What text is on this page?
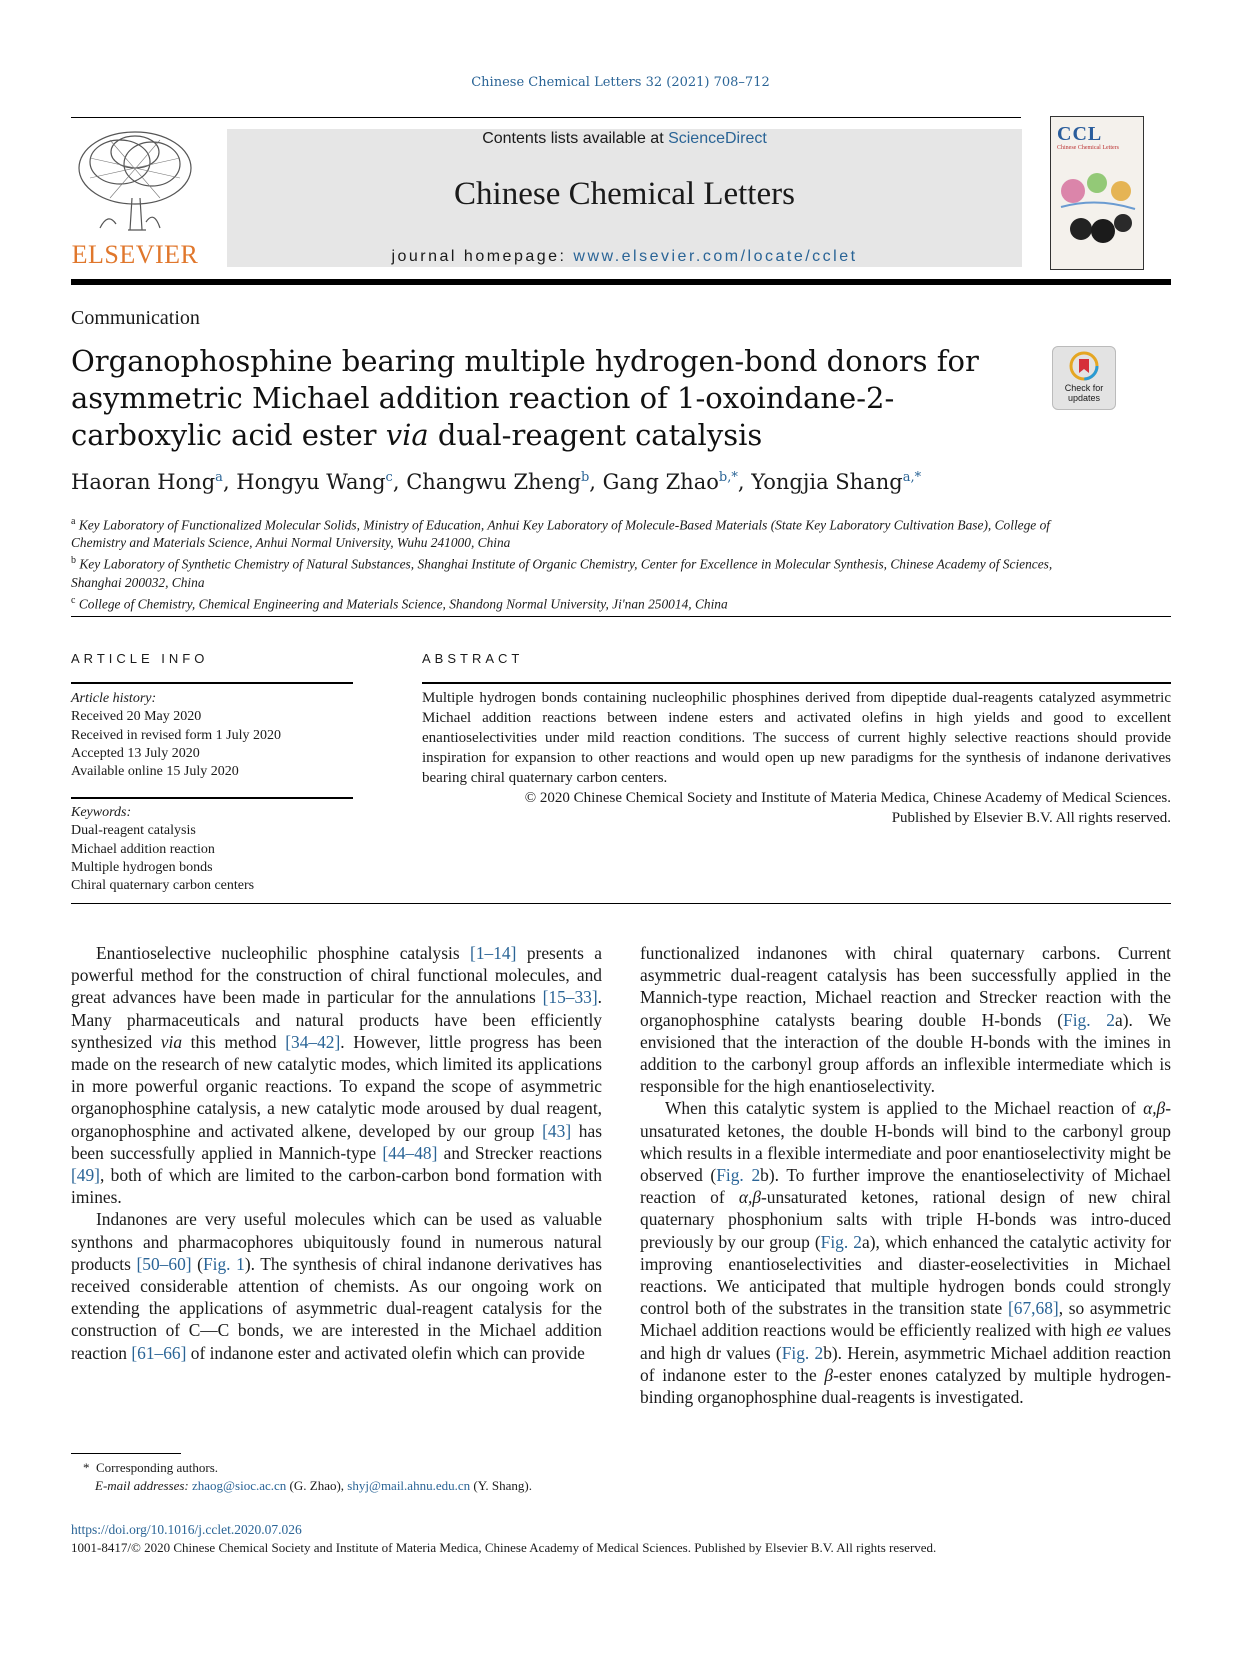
Chinese Chemical Letters 32 (2021) 708–712
ELSEVIER
Contents lists available at ScienceDirect
Chinese Chemical Letters
journal homepage: www.elsevier.com/locate/cclet
CCL
Chinese Chemical Letters
Communication
Organophosphine bearing multiple hydrogen-bond donors for asymmetric Michael addition reaction of 1-oxoindane-2-carboxylic acid ester via dual-reagent catalysis
Check for updates
Haoran Hong$^a$, Hongyu Wang$^c$, Changwu Zheng$^b$, Gang Zhao$^{b,*}$, Yongjia Shang$^{a,*}$
$^a$ Key Laboratory of Functionalized Molecular Solids, Ministry of Education, Anhui Key Laboratory of Molecule-Based Materials (State Key Laboratory Cultivation Base), College of Chemistry and Materials Science, Anhui Normal University, Wuhu 241000, China
$^b$ Key Laboratory of Synthetic Chemistry of Natural Substances, Shanghai Institute of Organic Chemistry, Center for Excellence in Molecular Synthesis, Chinese Academy of Sciences, Shanghai 200032, China
$^c$ College of Chemistry, Chemical Engineering and Materials Science, Shandong Normal University, Ji'nan 250014, China
ARTICLE INFO	ABSTRACT
Article history:
Received 20 May 2020
Received in revised form 1 July 2020
Accepted 13 July 2020
Available online 15 July 2020
Keywords:
Dual-reagent catalysis
Michael addition reaction
Multiple hydrogen bonds
Chiral quaternary carbon centers
Multiple hydrogen bonds containing nucleophilic phosphines derived from dipeptide dual-reagents catalyzed asymmetric Michael addition reactions between indene esters and activated olefins in high yields and good to excellent enantioselectivities under mild reaction conditions. The success of current highly selective reactions should provide inspiration for expansion to other reactions and would open up new paradigms for the synthesis of indanone derivatives bearing chiral quaternary carbon centers.
© 2020 Chinese Chemical Society and Institute of Materia Medica, Chinese Academy of Medical Sciences.
Published by Elsevier B.V. All rights reserved.

Enantioselective nucleophilic phosphine catalysis [1–14] presents a powerful method for the construction of chiral functional molecules, and great advances have been made in particular for the annulations [15–33]. Many pharmaceuticals and natural products have been efficiently synthesized via this method [34–42]. However, little progress has been made on the research of new catalytic modes, which limited its applications in more powerful organic reactions. To expand the scope of asymmetric organophosphine catalysis, a new catalytic mode aroused by dual reagent, organophosphine and activated alkene, developed by our group [43] has been successfully applied in Mannich-type [44–48] and Strecker reactions [49], both of which are limited to the carbon-carbon bond formation with imines.

Indanones are very useful molecules which can be used as valuable synthons and pharmacophores ubiquitously found in numerous natural products [50–60] (Fig. 1). The synthesis of chiral indanone derivatives has received considerable attention of chemists. As our ongoing work on extending the applications of asymmetric dual-reagent catalysis for the construction of C—C bonds, we are interested in the Michael addition reaction [61–66] of indanone ester and activated olefin which can provide

functionalized indanones with chiral quaternary carbons. Current asymmetric dual-reagent catalysis has been successfully applied in the Mannich-type reaction, Michael reaction and Strecker reaction with the organophosphine catalysts bearing double H-bonds (Fig. 2a). We envisioned that the interaction of the double H-bonds with the imines in addition to the carbonyl group affords an inflexible intermediate which is responsible for the high enantioselectivity.

When this catalytic system is applied to the Michael reaction of α,β-unsaturated ketones, the double H-bonds will bind to the carbonyl group which results in a flexible intermediate and poor enantioselectivity might be observed (Fig. 2b). To further improve the enantioselectivity of Michael reaction of α,β-unsaturated ketones, rational design of new chiral quaternary phosphonium salts with triple H-bonds was intro-duced previously by our group (Fig. 2a), which enhanced the catalytic activity for improving enantioselectivities and diaster-eoselectivities in Michael reactions. We anticipated that multiple hydrogen bonds could strongly control both of the substrates in the transition state [67,68], so asymmetric Michael addition reactions would be efficiently realized with high ee values and high dr values (Fig. 2b). Herein, asymmetric Michael addition reaction of indanone ester to the β-ester enones catalyzed by multiple hydrogen-binding organophosphine dual-reagents is investigated.

* Corresponding authors.
E-mail addresses: zhaog@sioc.ac.cn (G. Zhao), shyj@mail.ahnu.edu.cn (Y. Shang).
https://doi.org/10.1016/j.cclet.2020.07.026
1001-8417/© 2020 Chinese Chemical Society and Institute of Materia Medica, Chinese Academy of Medical Sciences. Published by Elsevier B.V. All rights reserved.
